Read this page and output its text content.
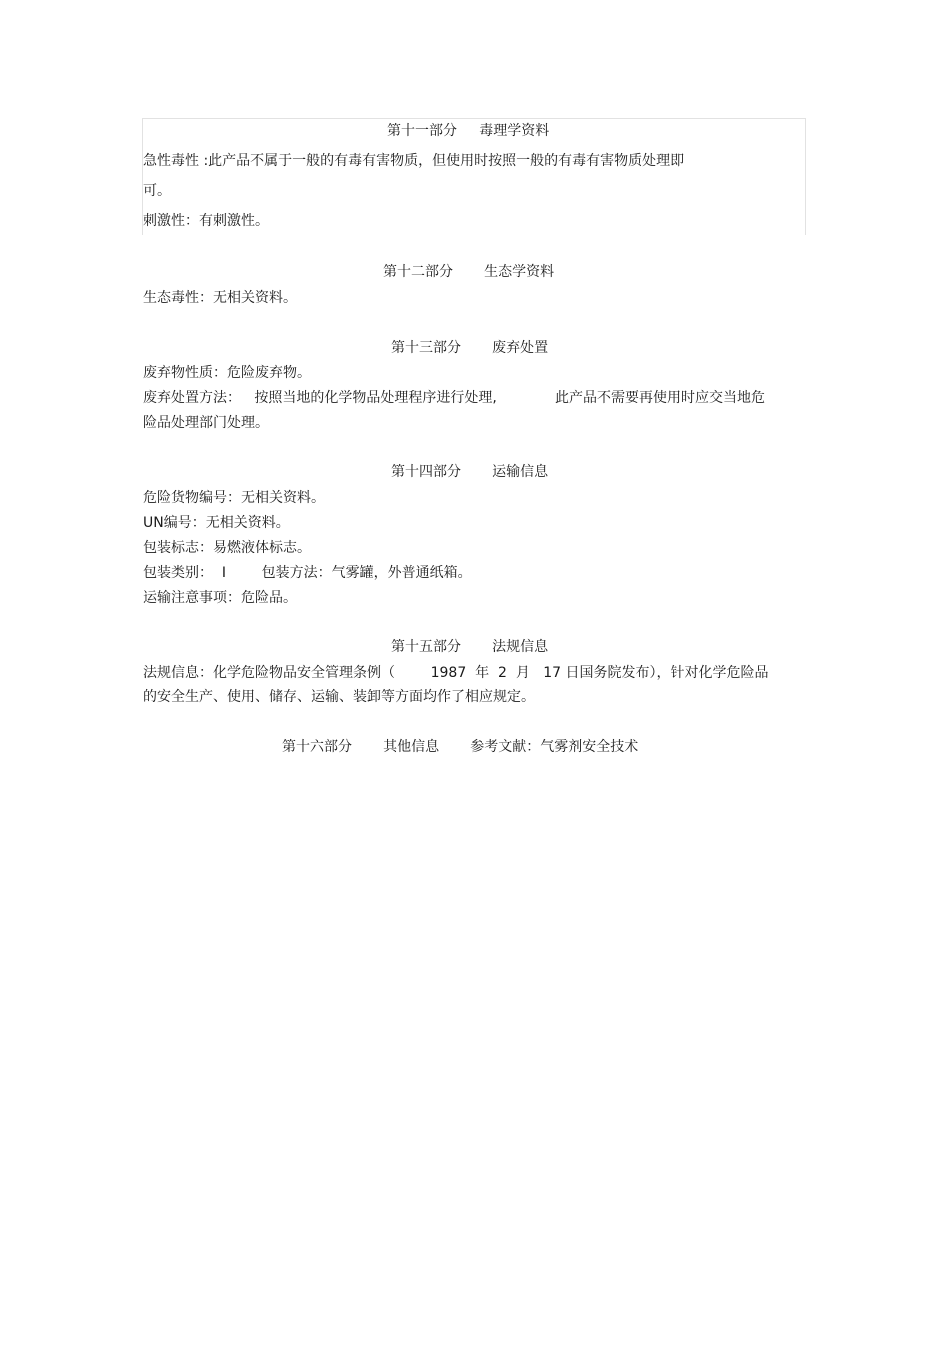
第十一部分     毒理学资料
急性毒性 :此产品不属于一般的有毒有害物质，但使用时按照一般的有毒有害物质处理即
可。
刺激性：有刺激性。
第十二部分       生态学资料
生态毒性：无相关资料。
第十三部分       废弃处置
废弃物性质：危险废弃物。
废弃处置方法：   按照当地的化学物品处理程序进行处理,	此产品不需要再使用时应交当地危
险品处理部门处理。
第十四部分       运输信息
危险货物编号：无相关资料。
UN编号：无相关资料。
包装标志：易燃液体标志。
包装类别：  Ⅰ        包装方法：气雾罐，外普通纸箱。
运输注意事项：危险品。
第十五部分       法规信息
法规信息：化学危险物品安全管理条例（        1987  年  2  月   17 日国务院发布），针对化学危险品
的安全生产、使用、储存、运输、装卸等方面均作了相应规定。
第十六部分       其他信息       参考文献：气雾剂安全技术
